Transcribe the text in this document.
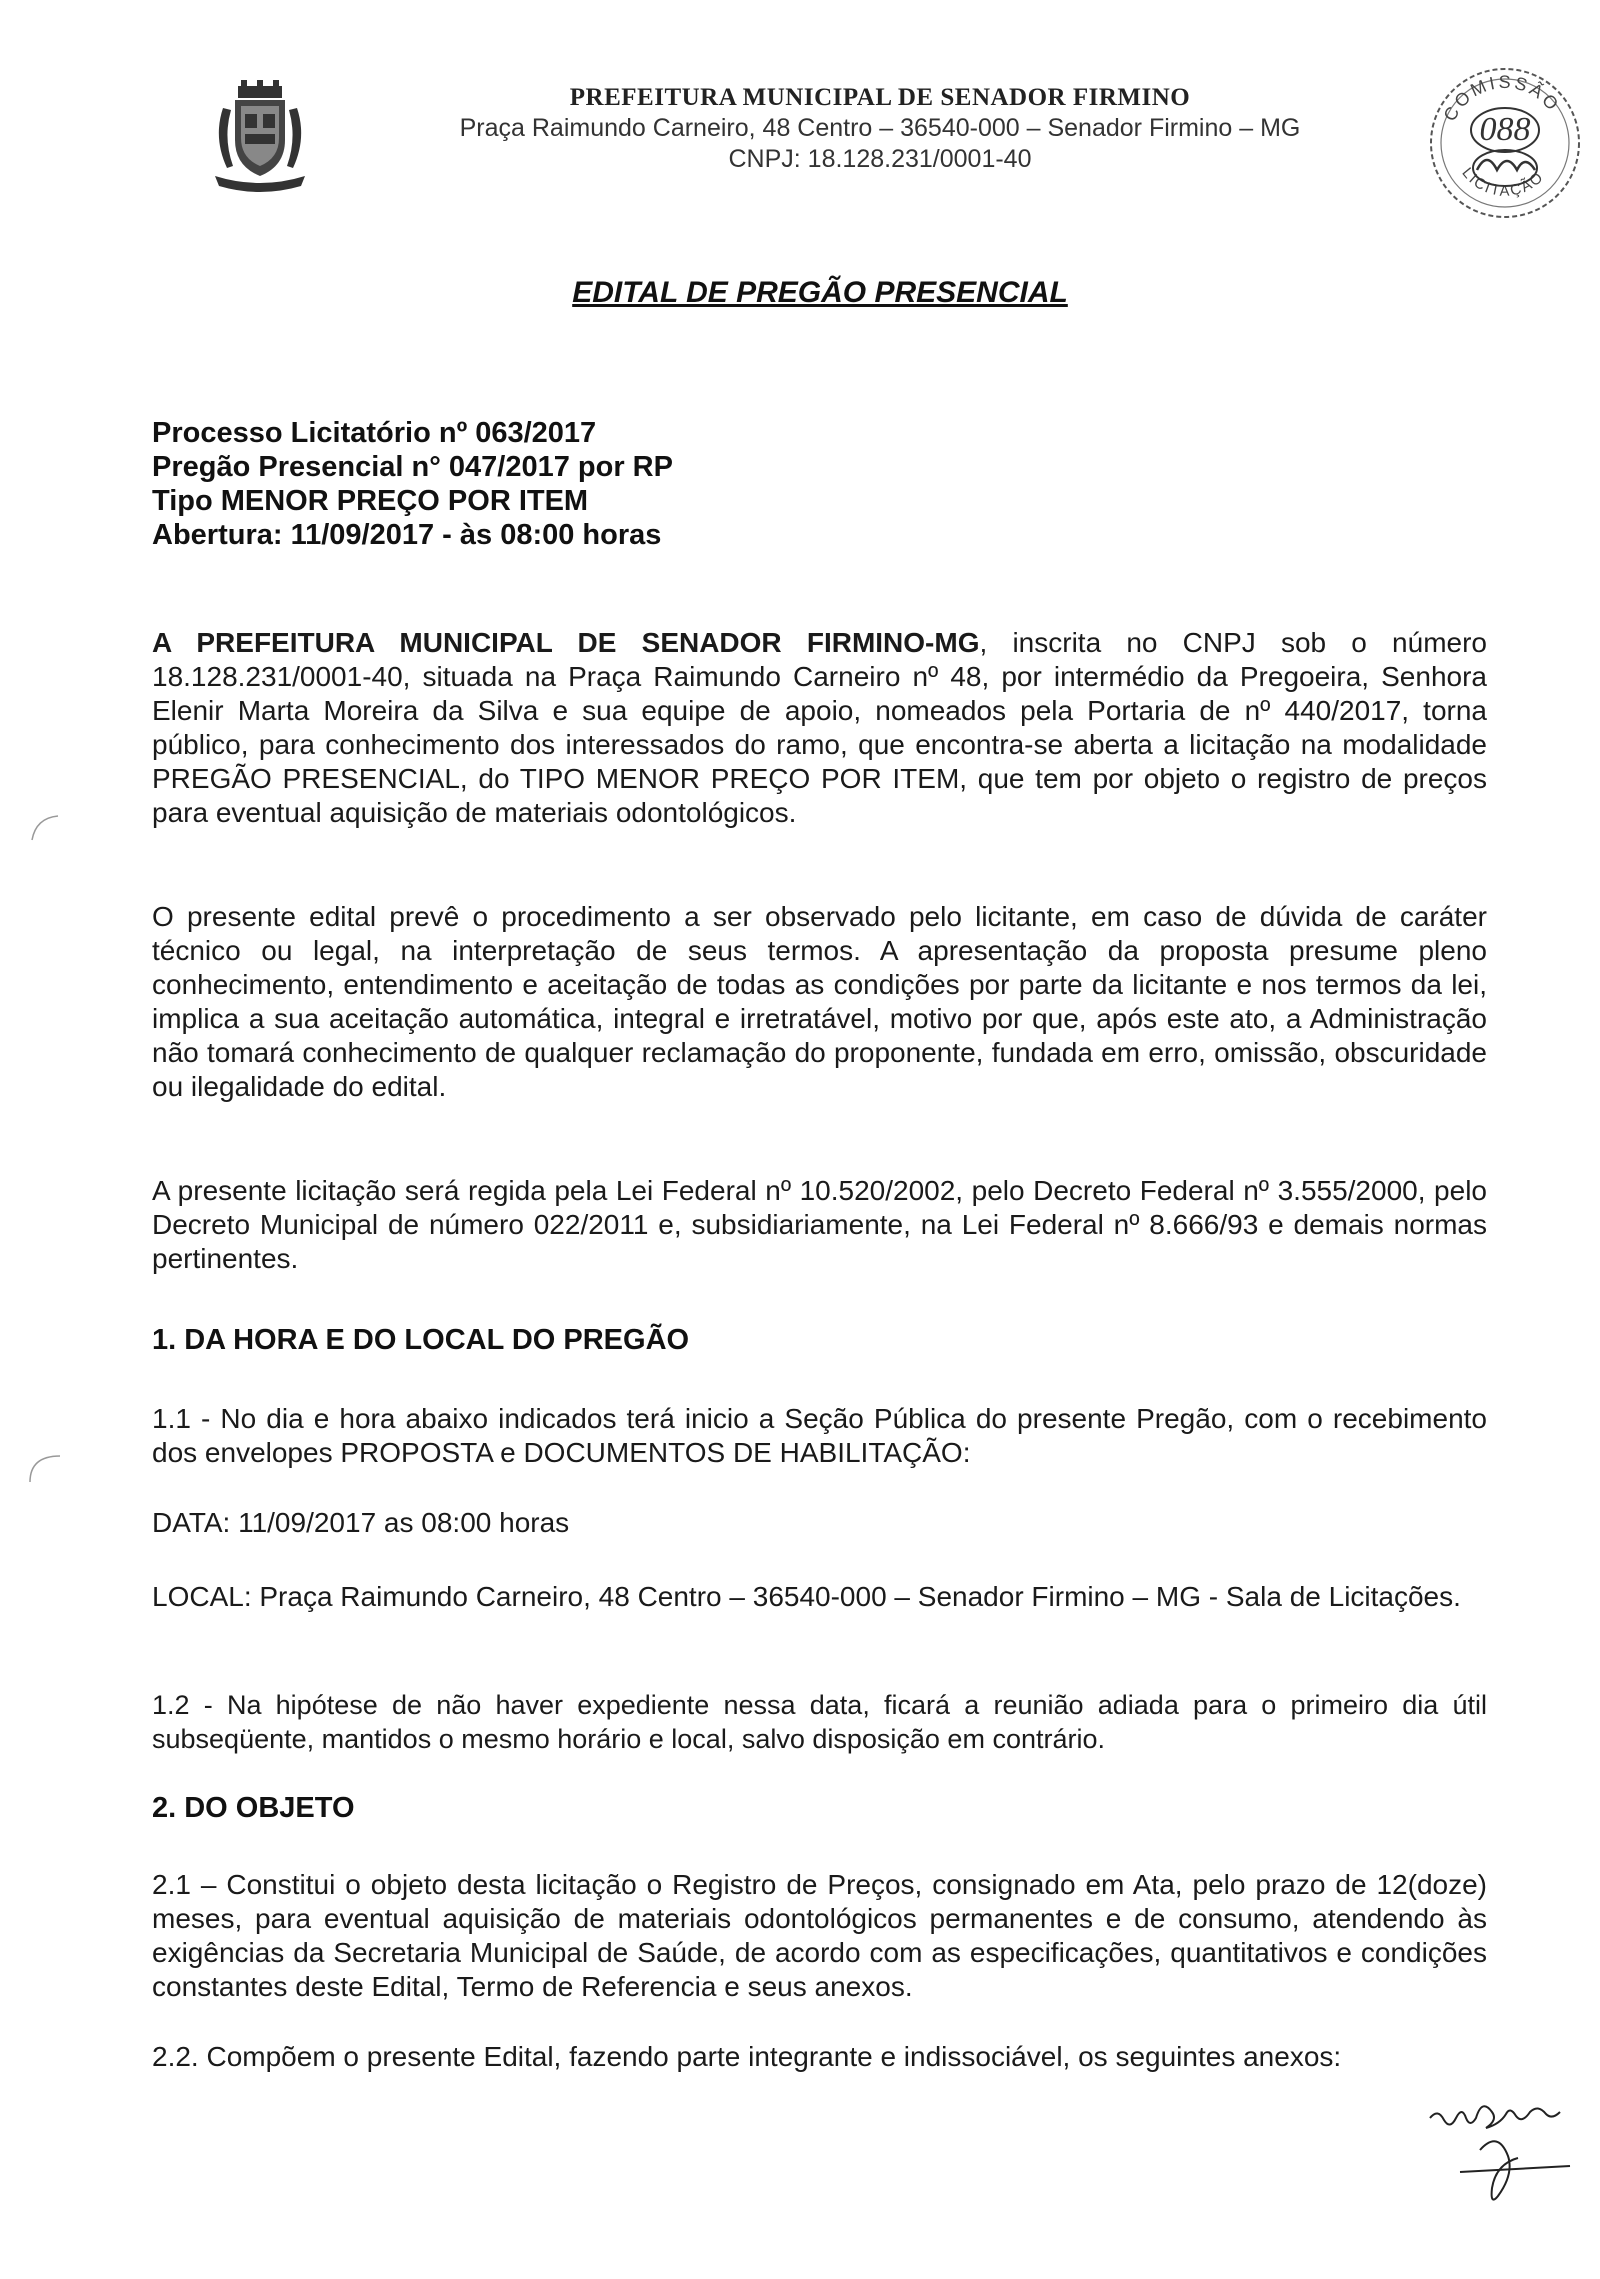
PREFEITURA MUNICIPAL DE SENADOR FIRMINO
Praça Raimundo Carneiro, 48 Centro – 36540-000 – Senador Firmino – MG
CNPJ: 18.128.231/0001-40
COMISSÃO
LICITAÇÃO
088
EDITAL DE PREGÃO PRESENCIAL
Processo Licitatório nº 063/2017
Pregão Presencial n° 047/2017 por RP
Tipo MENOR PREÇO POR ITEM
Abertura: 11/09/2017 - às 08:00 horas
A PREFEITURA MUNICIPAL DE SENADOR FIRMINO-MG, inscrita no CNPJ sob o número 18.128.231/0001-40, situada na Praça Raimundo Carneiro nº 48, por intermédio da Pregoeira, Senhora Elenir Marta Moreira da Silva e sua equipe de apoio, nomeados pela Portaria de nº 440/2017, torna público, para conhecimento dos interessados do ramo, que encontra-se aberta a licitação na modalidade PREGÃO PRESENCIAL, do TIPO MENOR PREÇO POR ITEM, que tem por objeto o registro de preços para eventual aquisição de materiais odontológicos.
O presente edital prevê o procedimento a ser observado pelo licitante, em caso de dúvida de caráter técnico ou legal, na interpretação de seus termos. A apresentação da proposta presume pleno conhecimento, entendimento e aceitação de todas as condições por parte da licitante e nos termos da lei, implica a sua aceitação automática, integral e irretratável, motivo por que, após este ato, a Administração não tomará conhecimento de qualquer reclamação do proponente, fundada em erro, omissão, obscuridade ou ilegalidade do edital.
A presente licitação será regida pela Lei Federal nº 10.520/2002, pelo Decreto Federal nº 3.555/2000, pelo Decreto Municipal de número 022/2011 e, subsidiariamente, na Lei Federal nº 8.666/93 e demais normas pertinentes.
1. DA HORA E DO LOCAL DO PREGÃO
1.1 - No dia e hora abaixo indicados terá inicio a Seção Pública do presente Pregão, com o recebimento dos envelopes PROPOSTA e DOCUMENTOS DE HABILITAÇÃO:
DATA: 11/09/2017 as 08:00 horas
LOCAL: Praça Raimundo Carneiro, 48 Centro – 36540-000 – Senador Firmino – MG - Sala de Licitações.
1.2 - Na hipótese de não haver expediente nessa data, ficará a reunião adiada para o primeiro dia útil subseqüente, mantidos o mesmo horário e local, salvo disposição em contrário.
2. DO OBJETO
2.1 – Constitui o objeto desta licitação o Registro de Preços, consignado em Ata, pelo prazo de 12(doze) meses, para eventual aquisição de materiais odontológicos permanentes e de consumo, atendendo às exigências da Secretaria Municipal de Saúde, de acordo com as especificações, quantitativos e condições constantes deste Edital, Termo de Referencia e seus anexos.
2.2. Compõem o presente Edital, fazendo parte integrante e indissociável, os seguintes anexos:
